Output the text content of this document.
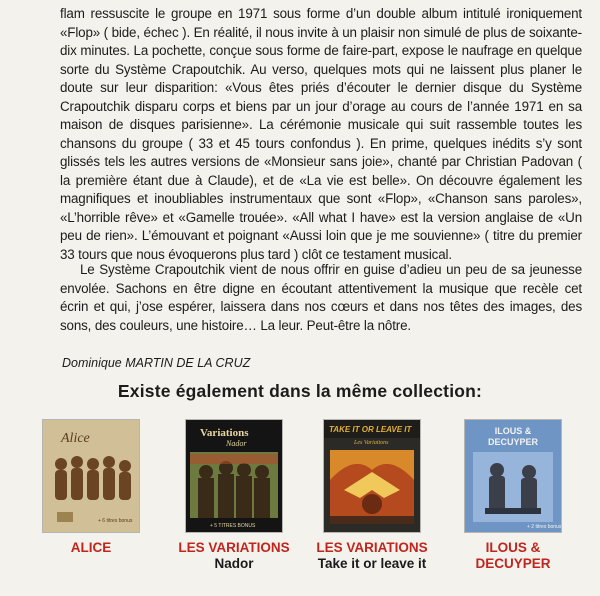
flam ressuscite le groupe en 1971 sous forme d’un double album intitulé ironiquement «Flop» ( bide, échec ). En réalité, il nous invite à un plaisir non simulé de plus de soixante-dix minutes. La pochette, conçue sous forme de faire-part, expose le naufrage en quelque sorte du Système Crapoutchik. Au verso, quelques mots qui ne laissent plus planer le doute sur leur disparition: «Vous êtes priés d’écouter le dernier disque du Système Crapoutchik disparu corps et biens par un jour d’orage au cours de l’année 1971 en sa maison de disques parisienne». La cérémonie musicale qui suit rassemble toutes les chansons du groupe ( 33 et 45 tours confondus ). En prime, quelques inédits s’y sont glissés tels les autres versions de «Monsieur sans joie», chanté par Christian Padovan ( la première étant due à Claude), et de «La vie est belle». On découvre également les magnifiques et inoubliables instrumentaux que sont «Flop», «Chanson sans paroles», «L’horrible rêve» et «Gamelle trouée». «All what I have» est la version anglaise de «Un peu de rien». L’émouvant et poignant «Aussi loin que je me souvienne» ( titre du premier 33 tours que nous évoquerons plus tard ) clôt ce testament musical.

Le Système Crapoutchik vient de nous offrir en guise d’adieu un peu de sa jeunesse envolée. Sachons en être digne en écoutant attentivement la musique que recèle cet écrin et qui, j’ose espérer, laissera dans nos cœurs et dans nos têtes des images, des sons, des couleurs, une histoire… La leur. Peut-être la nôtre.

Dominique MARTIN DE LA CRUZ
Existe également dans la même collection:
Alice
+ 6 titres bonus
ALICE
Variations
Nador
+ 5 TITRES BONUS
LES VARIATIONS
Nador
TAKE IT OR LEAVE IT
Les Variations
LES VARIATIONS
Take it or leave it
ILOUS &
DECUYPER
+ 2 titres bonus
ILOUS &
DECUYPER
